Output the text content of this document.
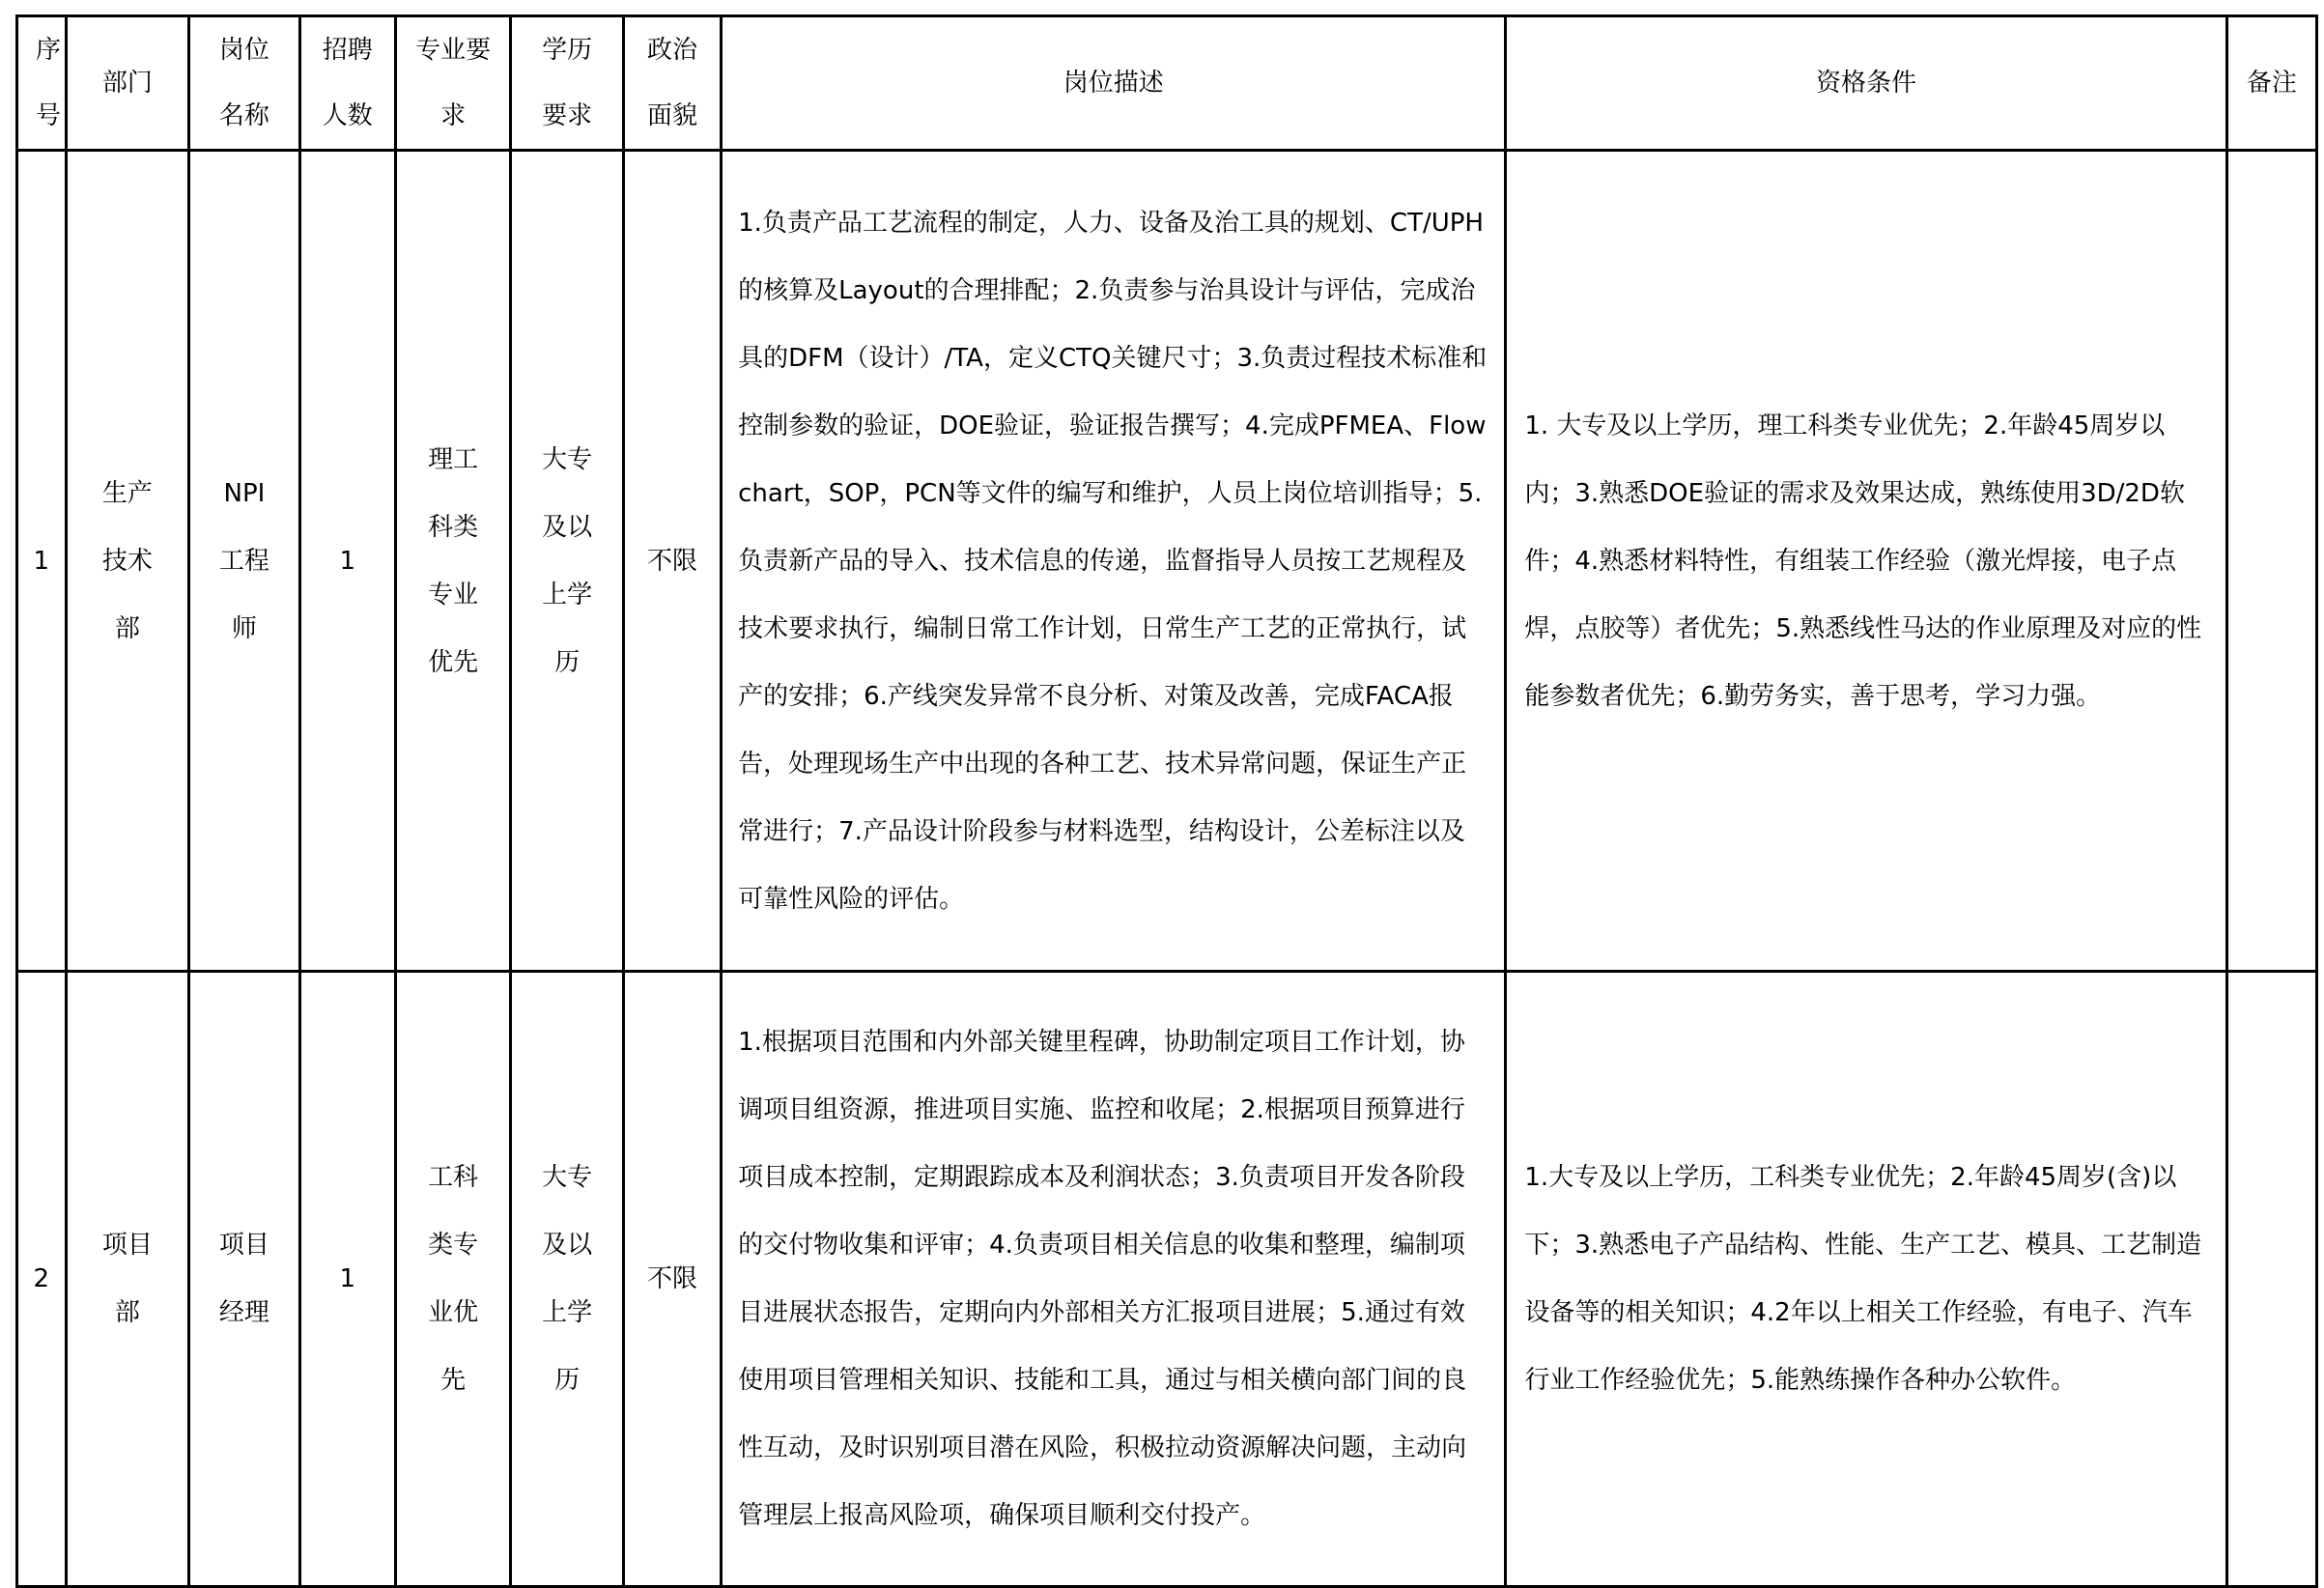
序号	部门	岗位名称	招聘人数	专业要求	学历要求	政治面貌	岗位描述	资格条件	备注
1	生产技术部	NPI工程师	1	理工科类专业优先	大专及以上学历	不限	1.负责产品工艺流程的制定，人力、设备及治工具的规划、CT/UPH的核算及Layout的合理排配；2.负责参与治具设计与评估，完成治具的DFM（设计）/TA，定义CTQ关键尺寸；3.负责过程技术标准和控制参数的验证，DOE验证，验证报告撰写；4.完成PFMEA、Flowchart，SOP，PCN等文件的编写和维护，人员上岗位培训指导；5.负责新产品的导入、技术信息的传递，监督指导人员按工艺规程及技术要求执行，编制日常工作计划，日常生产工艺的正常执行，试产的安排；6.产线突发异常不良分析、对策及改善，完成FACA报告，处理现场生产中出现的各种工艺、技术异常问题，保证生产正常进行；7.产品设计阶段参与材料选型，结构设计，公差标注以及可靠性风险的评估。	1. 大专及以上学历，理工科类专业优先；2.年龄45周岁以内；3.熟悉DOE验证的需求及效果达成，熟练使用3D/2D软件；4.熟悉材料特性，有组装工作经验（激光焊接，电子点焊，点胶等）者优先；5.熟悉线性马达的作业原理及对应的性能参数者优先；6.勤劳务实，善于思考，学习力强。	
2	项目部	项目经理	1	工科类专业优先	大专及以上学历	不限	1.根据项目范围和内外部关键里程碑，协助制定项目工作计划，协调项目组资源，推进项目实施、监控和收尾；2.根据项目预算进行项目成本控制，定期跟踪成本及利润状态；3.负责项目开发各阶段的交付物收集和评审；4.负责项目相关信息的收集和整理，编制项目进展状态报告，定期向内外部相关方汇报项目进展；5.通过有效使用项目管理相关知识、技能和工具，通过与相关横向部门间的良性互动，及时识别项目潜在风险，积极拉动资源解决问题，主动向管理层上报高风险项，确保项目顺利交付投产。	1.大专及以上学历，工科类专业优先；2.年龄45周岁(含)以下；3.熟悉电子产品结构、性能、生产工艺、模具、工艺制造设备等的相关知识；4.2年以上相关工作经验，有电子、汽车行业工作经验优先；5.能熟练操作各种办公软件。	
